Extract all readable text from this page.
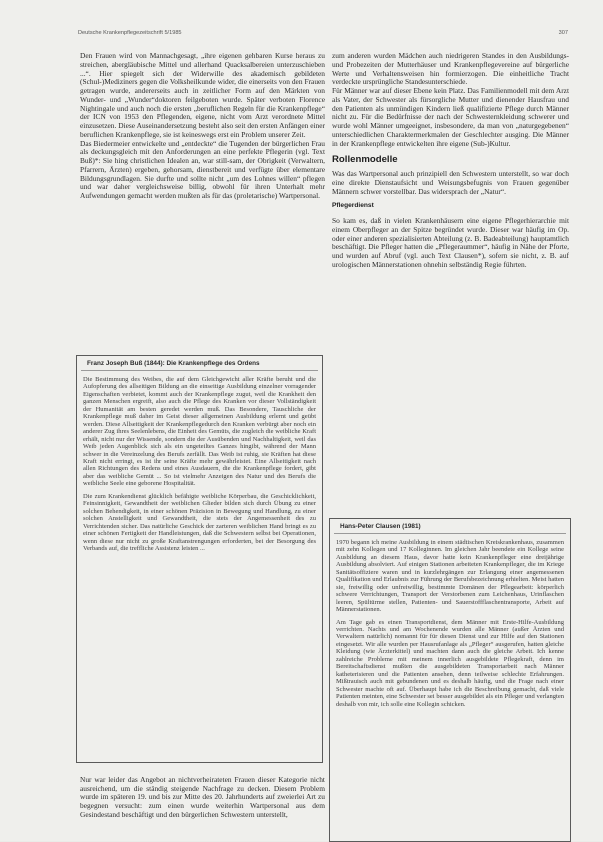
Deutsche Krankenpflegezeitschrift 5/1985	307

Den Frauen wird von Mannachgesagt, „ihre eigenen gehbaren Kurse heraus zu streichen, abergläubische Mittel und allerhand Quacksalbereien unterzuschieben ...“. Hier spiegelt sich der Widerwille des akademisch gebildeten (Schul-)Mediziners gegen die Volksheilkunde wider, die einerseits von den Frauen getragen wurde, andererseits auch in zeitlicher Form auf den Märkten von Wunder- und „Wunder“doktoren feilgeboten wurde. Später verboten Florence Nightingale und auch noch die ersten „beruflichen Regeln für die Krankenpflege“ der ICN von 1953 den Pflegenden, eigene, nicht vom Arzt verordnete Mittel einzusetzen. Diese Auseinandersetzung besteht also seit den ersten Anfängen einer beruflichen Krankenpflege, sie ist keineswegs erst ein Problem unserer Zeit.

Das Biedermeier entwickelte und „entdeckte“ die Tugenden der bürgerlichen Frau als deckungsgleich mit den Anforderungen an eine perfekte Pflegerin (vgl. Text Buß)*: Sie hing christlichen Idealen an, war still-sam, der Obrigkeit (Verwaltern, Pfarrern, Ärzten) ergeben, gehorsam, dienstbereit und verfügte über elementare Bildungsgrundlagen. Sie durfte und sollte nicht „um des Lohnes willen“ pflegen und war daher vergleichsweise billig, obwohl für ihren Unterhalt mehr Aufwendungen gemacht werden mußten als für das (proletarische) Wartpersonal.

Franz Joseph Buß (1844): Die Krankenpflege des Ordens

Die Bestimmung des Weibes, die auf dem Gleichgewicht aller Kräfte beruht und die Aufopferung des allseitigen Bildung an die einseitige Ausbildung einzelner vorragender Eigenschaften verbietet, kommt auch der Krankenpflege zugut, weil die Krankheit den ganzen Menschen ergreift, also auch die Pflege des Kranken vor dieser Vollständigkeit der Humanität am besten geredet werden muß. Das Besondere, Tauschliche der Krankenpflege muß daher im Geist dieser allgemeinen Ausbildung erlernt und geübt werden. Diese Allseitigkeit der Krankenpflegedurch den Kranken verbürgt aber noch ein anderer Zug ihres Seelenlebens, die Einheit des Gemüts, die zugleich die weibliche Kraft erhält, nicht nur der Wissende, sondern die der Ausübenden und Nachhaltigkeit, weil das Weib jeden Augenblick sich als ein ungeteiltes Ganzes hingibt, während der Mann schwer in die Vereinzelung des Berufs zerfällt. Das Weib ist ruhig, sie Kräften hat diese Kraft nicht erringt, es ist ihr seine Kräfte mehr gewährleistet. Eine Allseitigkeit nach allen Richtungen des Redens und eines Ausdauern, die die Krankenpflege fordert, gibt aber das weibliche Gemüt ... So ist vielmehr Anzeigen des Natur und des Berufs die weibliche Seele eine geborene Hospitalität.

Die zum Krankendienst glücklich befähigte weibliche Körperbau, die Geschicklichkeit, Feinsinnigkeit, Gewandtheit der weiblichen Glieder bilden sich durch Übung zu einer solchen Behendigkeit, in einer schönen Präzision in Bewegung und Handlung, zu einer solchen Anstelligkeit und Gewandtheit, die stets der Angemessenheit des zu Verrichtenden sicher. Das natürliche Geschick der zarteren weiblichen Hand bringt es zu einer schönen Fertigkeit der Handleistungen, daß die Schwestern selbst bei Operationen, wenn diese nur nicht zu große Kraftanstrengungen erforderten, bei der Besorgung des Verbands auf, die treffliche Assistenz leisten ...

Nur war leider das Angebot an nichtverheirateten Frauen dieser Kategorie nicht ausreichend, um die ständig steigende Nachfrage zu decken. Diesem Problem wurde im späteren 19. und bis zur Mitte des 20. Jahrhunderts auf zweierlei Art zu begegnen versucht: zum einen wurde weiterhin Wartpersonal aus dem Gesindestand beschäftigt und den bürgerlichen Schwestern unterstellt,

zum anderen wurden Mädchen auch niedrigeren Standes in den Ausbildungs- und Probezeiten der Mutterhäuser und Krankenpflegevereine auf bürgerliche Werte und Verhaltensweisen hin formierzogen. Die einheitliche Tracht verdeckte ursprüngliche Standesunterschiede.

Für Männer war auf dieser Ebene kein Platz. Das Familienmodell mit dem Arzt als Vater, der Schwester als fürsorgliche Mutter und dienender Hausfrau und den Patienten als unmündigen Kindern ließ qualifizierte Pflege durch Männer nicht zu. Für die Bedürfnisse der nach der Schwesternkleidung schwerer und wurde wohl Männer umgeeignet, insbesondere, da man von „naturgegebenen“ unterschiedlichen Charaktermerkmalen der Geschlechter ausging. Die Männer in der Krankenpflege entwickelten ihre eigene (Sub-)Kultur.

Rollenmodelle

Was das Wartpersonal auch prinzipiell den Schwestern unterstellt, so war doch eine direkte Dienstaufsicht und Weisungsbefugnis von Frauen gegenüber Männern schwer vorstellbar. Das widersprach der „Natur“.

Pflegerdienst

So kam es, daß in vielen Krankenhäusern eine eigene Pflegerhierarchie mit einem Oberpfleger an der Spitze begründet wurde. Dieser war häufig im Op. oder einer anderen spezialisierten Abteilung (z. B. Badeabteilung) hauptamtlich beschäftigt. Die Pfleger hatten die „Pflegeraummer“, häufig in Nähe der Pforte, und wurden auf Abruf (vgl. auch Text Clausen*), sofern sie nicht, z. B. auf urologischen Männerstationen ohnehin selbständig Regie führten.

Hans-Peter Clausen (1981)

1970 begann ich meine Ausbildung in einem städtischen Kreiskrankenhaus, zusammen mit zehn Kollegen und 17 Kolleginnen. Im gleichen Jahr beendete ein Kollege seine Ausbildung an diesem Haus, davor hatte kein Krankenpfleger eine dreijährige Ausbildung absolviert. Auf einigen Stationen arbeiteten Krankenpfleger, die im Kriege Sanitätsoffiziere waren und in kurzlehrgängen zur Erlangung einer angemessenen Qualifikation und Erlaubnis zur Führung der Berufsbezeichnung erhielten. Meist hatten sie, freiwillig oder unfreiwillig, bestimmte Domänen der Pflegearbeit: körperlich schwere Verrichtungen, Transport der Verstorbenen zum Leichenhaus, Urinflaschen leeren, Spültürme stellen, Patienten- und Sauerstoffflaschentransporte, Arbeit auf Männerstationen.

Am Tage gab es einen Transportdienst, dem Männer mit Erste-Hilfe-Ausbildung verrichten. Nachts und am Wochenende wurden alle Männer (außer Ärzten und Verwaltern natürlich) nomannt für für diesen Dienst und zur Hilfe auf den Stationen eingesetzt. Wir alle wurden per Hausrufanlage als „Pfleger“ ausgerufen, hatten gleiche Kleidung (wie Ärzterkittel) und machten dann auch die gleiche Arbeit. Ich kenne zahlreiche Probleme mit meinem innerlich ausgebildete Pflegekraft, denn im Bereitschaftsdienst mußten die ausgebildeten Transportarbeit nach Männer katheterisieren und die Patienten ansehen, denn teilweise schlechte Erfahrungen. Mißtrauisch auch mit gebundenen und es deshalb häufig, und die Frage nach einer Schwester machte oft auf. Überhaupt habe ich die Beschreibung gemacht, daß viele Patienten meinten, eine Schwester sei besser ausgebildet als ein Pfleger und verlangten deshalb von mir, ich solle eine Kollegin schicken.
